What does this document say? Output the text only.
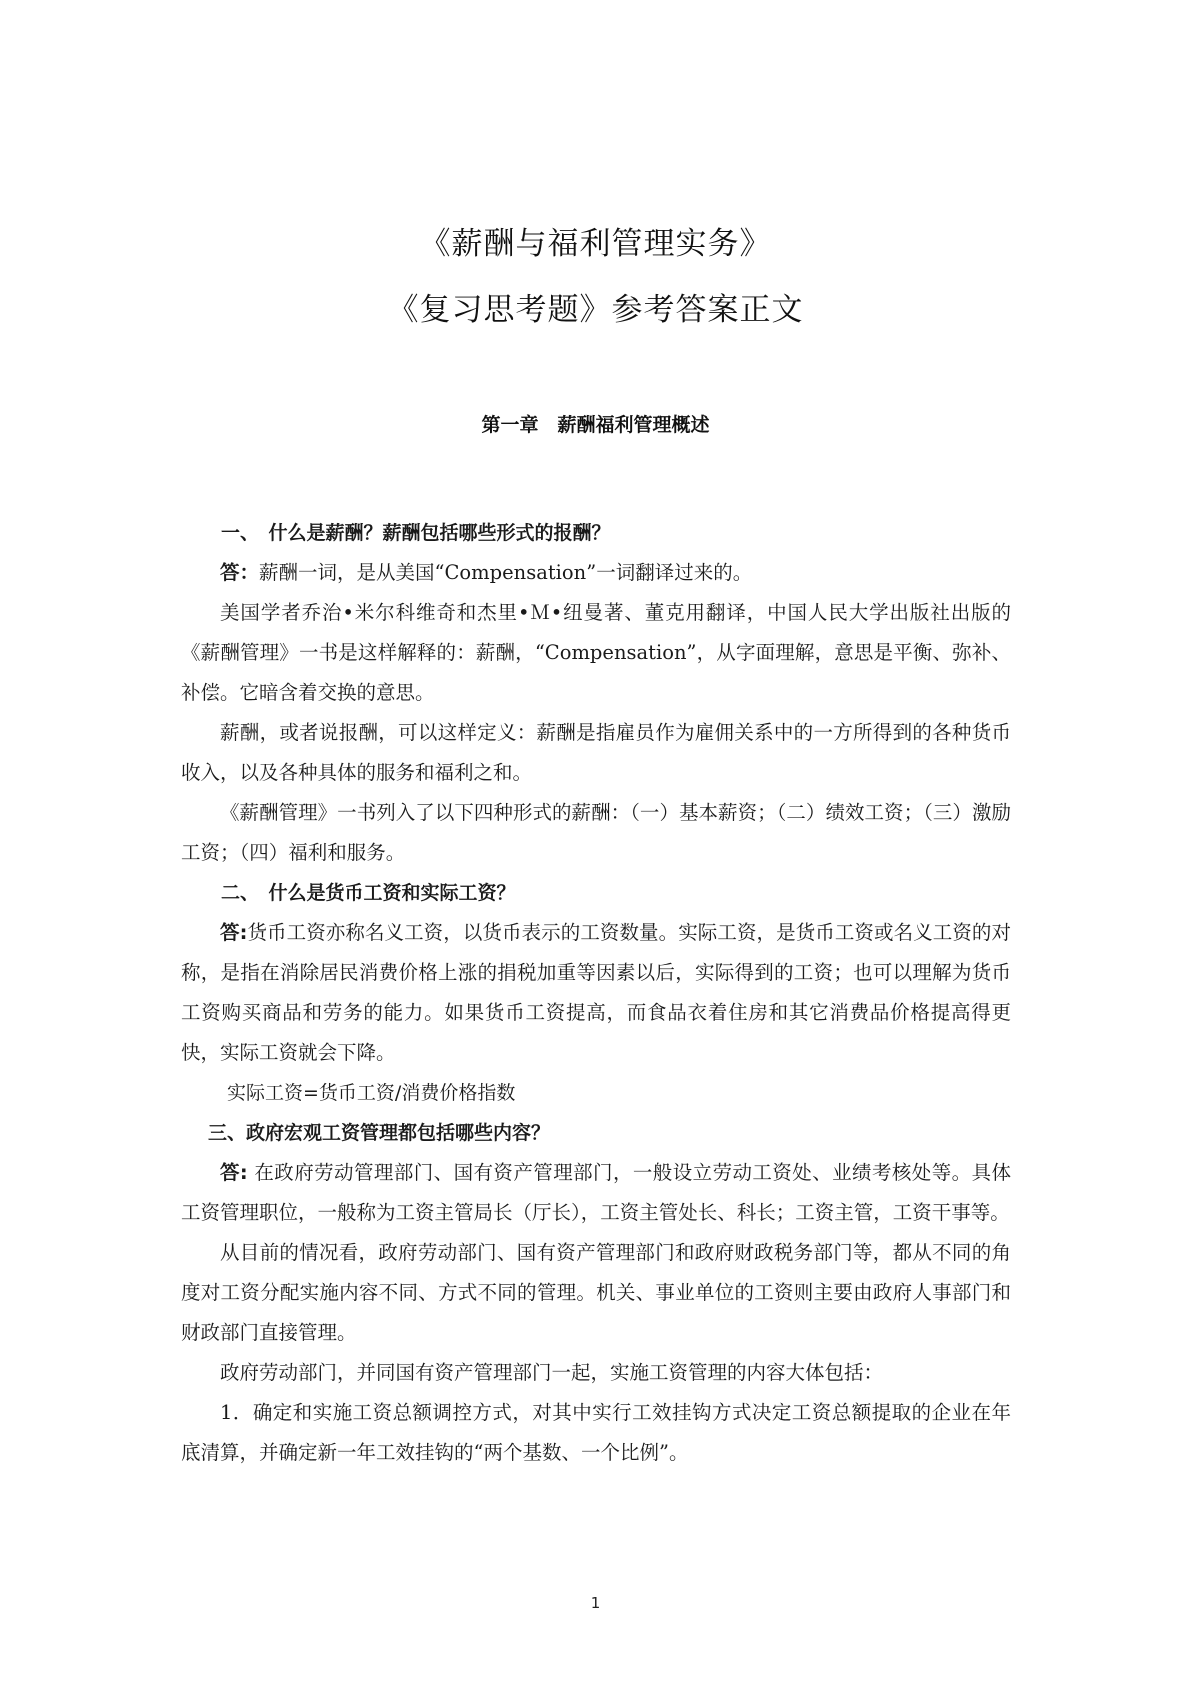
《薪酬与福利管理实务》
《复习思考题》参考答案正文
第一章　薪酬福利管理概述

一、　什么是薪酬？薪酬包括哪些形式的报酬？

答：薪酬一词，是从美国“Compensation”一词翻译过来的。

美国学者乔治•米尔科维奇和杰里•Ｍ•纽曼著、董克用翻译，中国人民大学出版社出版的《薪酬管理》一书是这样解释的：薪酬，“Compensation”，从字面理解，意思是平衡、弥补、补偿。它暗含着交换的意思。

薪酬，或者说报酬，可以这样定义：薪酬是指雇员作为雇佣关系中的一方所得到的各种货币收入，以及各种具体的服务和福利之和。

《薪酬管理》一书列入了以下四种形式的薪酬：（一）基本薪资；（二）绩效工资；（三）激励工资；（四）福利和服务。

二、　什么是货币工资和实际工资？

答:货币工资亦称名义工资，以货币表示的工资数量。实际工资，是货币工资或名义工资的对称，是指在消除居民消费价格上涨的捐税加重等因素以后，实际得到的工资；也可以理解为货币工资购买商品和劳务的能力。如果货币工资提高，而食品衣着住房和其它消费品价格提高得更快，实际工资就会下降。

实际工资=货币工资/消费价格指数

三、政府宏观工资管理都包括哪些内容？

答: 在政府劳动管理部门、国有资产管理部门，一般设立劳动工资处、业绩考核处等。具体工资管理职位，一般称为工资主管局长（厅长），工资主管处长、科长；工资主管，工资干事等。

从目前的情况看，政府劳动部门、国有资产管理部门和政府财政税务部门等，都从不同的角度对工资分配实施内容不同、方式不同的管理。机关、事业单位的工资则主要由政府人事部门和财政部门直接管理。

政府劳动部门，并同国有资产管理部门一起，实施工资管理的内容大体包括：

1．确定和实施工资总额调控方式，对其中实行工效挂钩方式决定工资总额提取的企业在年底清算，并确定新一年工效挂钩的“两个基数、一个比例”。

1
